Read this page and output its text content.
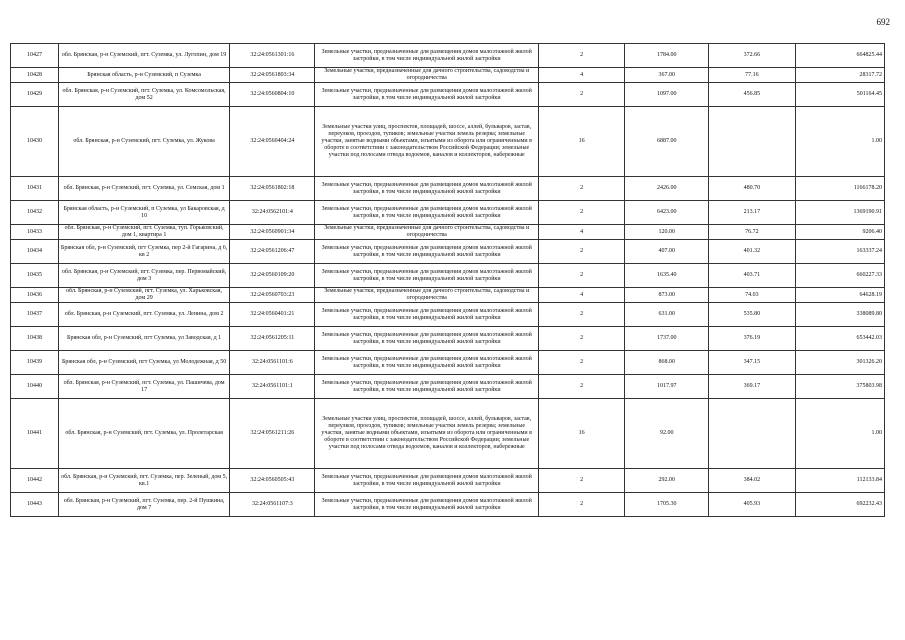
692
10427	обл. Брянская, р-н Суземский, пгт. Суземка, ул. Лугопин, дом 19	32:24:0561301:16	Земельные участки, предназначенные для размещения домов малоэтажной жилой застройки, в том числе индивидуальной жилой застройки	2	1784.00	372.66	664825.44
10428	Брянская область, р-н Суземский, п Суземка	32:24:0561803:34	Земельные участки, предназначенные для дачного строительства, садоводства и огородничества	4	367.00	77.16	28317.72
10429	обл. Брянская, р-н Суземский, пгт. Суземка, ул. Комсомольская, дом 52	32:24:0560804:10	Земельные участки, предназначенные для размещения домов малоэтажной жилой застройки, в том числе индивидуальной жилой застройки	2	1097.00	456.85	501164.45
10430	обл. Брянская, р-н Суземский, пгт. Суземка, ул. Жукова	32:24:0560404:24	Земельные участки улиц, проспектов, площадей, шоссе, аллей, бульваров, застав, переулков, проездов, тупиков; земельные участки земель резерва; земельные участки, занятые водными объектами, изъятыми из оборота или ограниченными в обороте в соответствии с законодательством Российской Федерации; земельные участки под полосами отвода водоемов, каналов и коллекторов, набережные	16	6887.00		1.00
10431	обл. Брянская, р-н Суземский, пгт. Суземка, ул. Семская, дом 1	32:24:0561802:18	Земельные участки, предназначенные для размещения домов малоэтажной жилой застройки, в том числе индивидуальной жилой застройки	2	2426.00	480.70	1166178.20
10432	Брянская область, р-н Суземский, п Суземка, ул Бакаровская, д 10	32:24:0562101:4	Земельные участки, предназначенные для размещения домов малоэтажной жилой застройки, в том числе индивидуальной жилой застройки	2	6423.00	213.17	1369190.91
10433	обл. Брянская, р-н Суземский, пгт. Суземка, туп. Горьковский, дом 1, квартира 1	32:24:0560901:34	Земельные участки, предназначенные для дачного строительства, садоводства и огородничества	4	120.00	76.72	9206.40
10434	Брянская обл, р-н Суземский, пгт Суземка, пер 2-й Гагарина, д 6, кв 2	32:24:0561206:47	Земельные участки, предназначенные для размещения домов малоэтажной жилой застройки, в том числе индивидуальной жилой застройки	2	407.00	401.32	163337.24
10435	обл. Брянская, р-н Суземский, пгт. Суземка, пер. Первомайский, дом 3	32:24:0560109:20	Земельные участки, предназначенные для размещения домов малоэтажной жилой застройки, в том числе индивидуальной жилой застройки	2	1635.40	403.71	660227.33
10436	обл. Брянская, р-н Суземский, пгт. Суземка, ул. Харьковская, дом 29	32:24:0560703:23	Земельные участки, предназначенные для дачного строительства, садоводства и огородничества	4	873.00	74.03	64628.19
10437	обл. Брянская, р-н Суземский, пгт. Суземка, ул. Ленина, дом 2	32:24:0560401:21	Земельные участки, предназначенные для размещения домов малоэтажной жилой застройки, в том числе индивидуальной жилой застройки	2	631.00	535.80	338089.80
10438	Брянская обл, р-н Суземский, пгт Суземка, ул Заводская, д 1	32:24:0561205:11	Земельные участки, предназначенные для размещения домов малоэтажной жилой застройки, в том числе индивидуальной жилой застройки	2	1737.00	376.19	653442.03
10439	Брянская обл, р-н Суземский, пгт Суземка, ул Молодежная, д 50	32:24:0561101:6	Земельные участки, предназначенные для размещения домов малоэтажной жилой застройки, в том числе индивидуальной жилой застройки	2	868.00	347.15	301326.20
10440	обл. Брянская, р-н Суземский, пгт. Суземка, ул. Пашичева, дом 17	32:24:0561101:1	Земельные участки, предназначенные для размещения домов малоэтажной жилой застройки, в том числе индивидуальной жилой застройки	2	1017.97	369.17	375803.98
10441	обл. Брянская, р-н Суземский, пгт. Суземка, ул. Пролетарская	32:24:0561211:26	Земельные участки улиц, проспектов, площадей, шоссе, аллей, бульваров, застав, переулков, проездов, тупиков; земельные участки земель резерва; земельные участки, занятые водными объектами, изъятыми из оборота или ограниченными в обороте в соответствии с законодательством Российской Федерации; земельные участки под полосами отвода водоемов, каналов и коллекторов, набережные	16	92.00		1.00
10442	обл. Брянская, р-н Суземский, пгт. Суземка, пер. Зеленый, дом 5, кв.1	32:24:0560505:43	Земельные участки, предназначенные для размещения домов малоэтажной жилой застройки, в том числе индивидуальной жилой застройки	2	292.00	384.02	112133.84
10443	обл. Брянская, р-н Суземский, пгт. Суземка, пер. 2-й Пушкина, дом 7	32:24:0561107:3	Земельные участки, предназначенные для размещения домов малоэтажной жилой застройки, в том числе индивидуальной жилой застройки	2	1705.30	405.93	692232.43
